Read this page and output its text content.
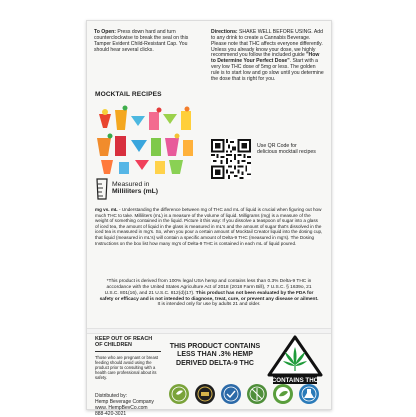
To Open: Press down hard and turn counterclockwise to break the seal on this Tamper Evident Child-Resistant Cap. You should hear several clicks.
Directions: SHAKE WELL BEFORE USING. Add to any drink to create a Cannabis Beverage. Please note that THC affects everyone differently. Unless you already know your dose, we highly recommend you follow the included guide "How to Determine Your Perfect Dose". Start with a very low THC dose of 5mg or less. The golden rule is to start low and go slow until you determine the dose that is right for you.
MOCKTAIL RECIPES
Use QR Code for delicious mocktail recipes
Measured in
Milliliters (mL)
mg vs. mL - Understanding the difference between mg of THC and mL of liquid is crucial when figuring out how much THC to take. Milliliters (mL) is a measure of the volume of liquid. Milligrams (mg) is a measure of the weight of something contained in the liquid. Picture it this way: If you dissolve a teaspoon of sugar into a glass of iced tea, the amount of liquid in the glass is measured in mL's and the amount of sugar that's dissolved in the iced tea is measured in mg's. So, when you pour a certain amount of Mocktail Creator liquid into the dosing cup, that liquid (measured in mL's) will contain a specific amount of Delta-9 THC (measured in mg's). The Dosing Instructions on the box list how many mg's of Delta-9 THC is contained in each mL of liquid poured.
*This product is derived from 100% legal USA hemp and contains less than 0.3% Delta-9 THC in accordance with the United States Agriculture Act of 2018 (2018 Farm Bill), 7 U.S.C. § 1639o, 21 U.S.C. 801(16), and 21 U.S.C. 812(d)(17). This product has not been evaluated by the FDA for safety or efficacy and is not intended to diagnose, treat, cure, or prevent any disease or ailment. It is intended only for use by adults 21 and older.
KEEP OUT OF REACH OF CHILDREN
Those who are pregnant or breast feeding should avoid using the product prior to consulting with a health care professional about its safety.
Distributed by:
Hemp Beverage Company
www. HempBevCo.com
888-420-3021
THIS PRODUCT CONTAINS LESS THAN .3% HEMP DERIVED DELTA-9 THC
CONTAINS THC
